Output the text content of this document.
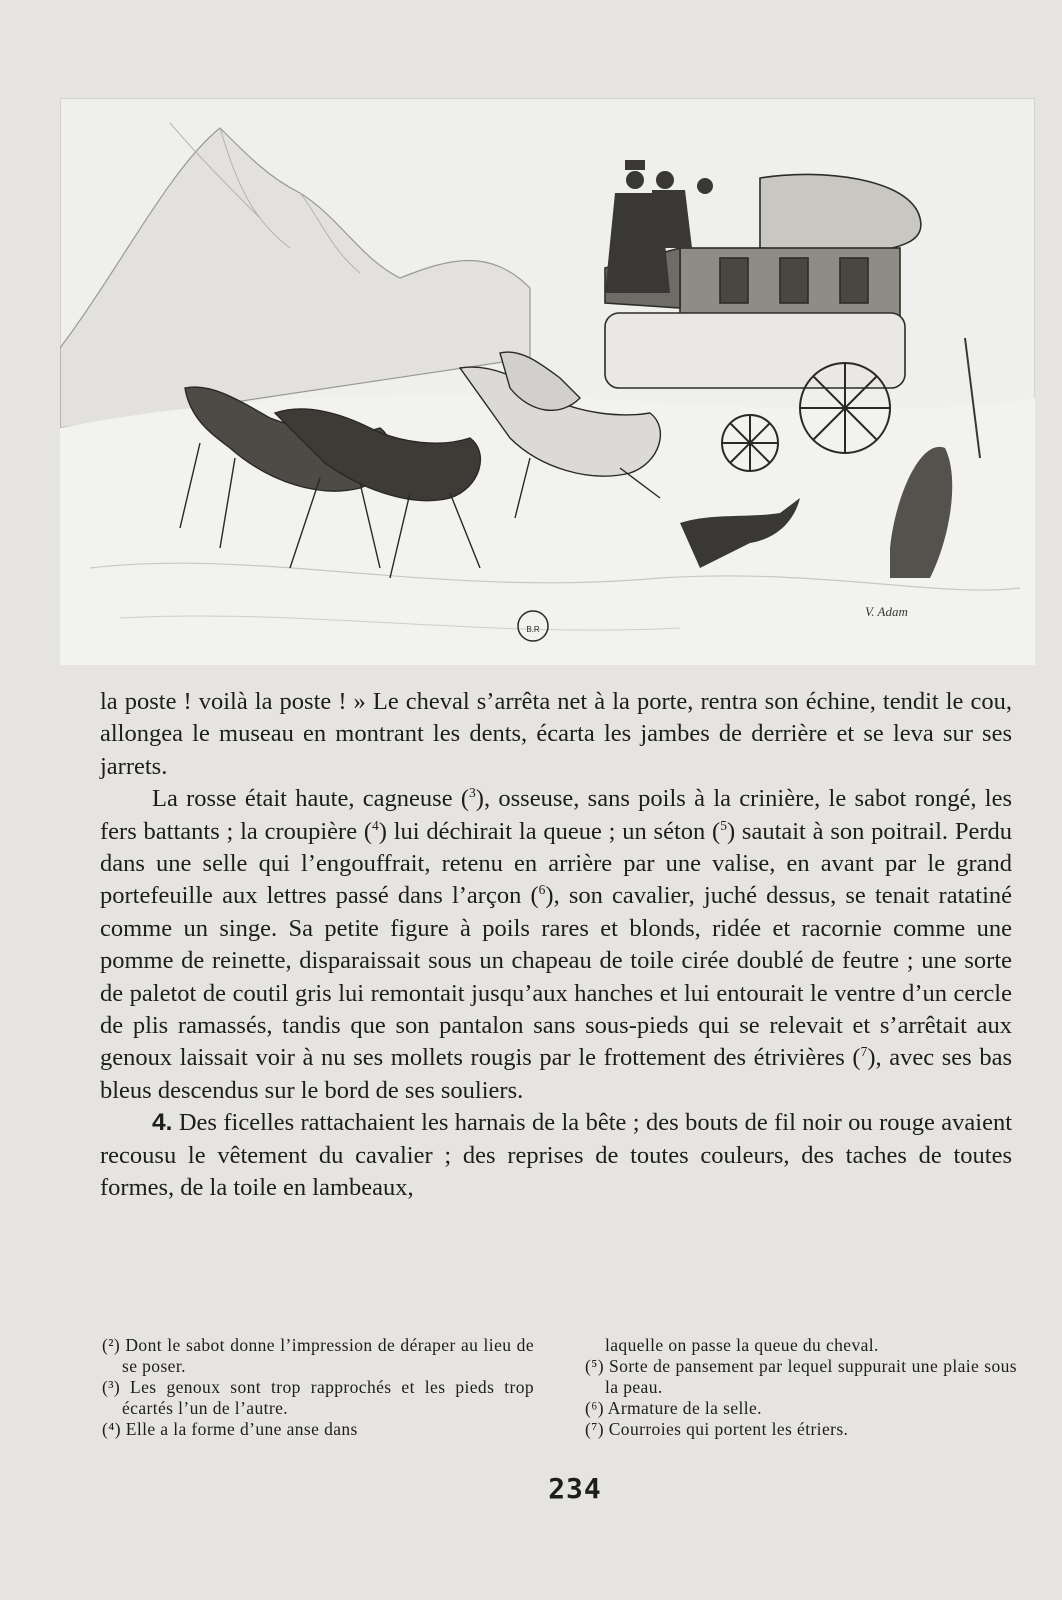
B.R
V. Adam

la poste ! voilà la poste ! » Le cheval s’arrêta net à la porte, rentra son échine, tendit le cou, allongea le museau en montrant les dents, écarta les jambes de derrière et se leva sur ses jarrets.

La rosse était haute, cagneuse ($^3$), osseuse, sans poils à la crinière, le sabot rongé, les fers battants ; la croupière ($^4$) lui déchirait la queue ; un séton ($^5$) sautait à son poitrail. Perdu dans une selle qui l’engouffrait, retenu en arrière par une valise, en avant par le grand portefeuille aux lettres passé dans l’arçon ($^6$), son cavalier, juché dessus, se tenait ratatiné comme un singe. Sa petite figure à poils rares et blonds, ridée et racornie comme une pomme de reinette, disparaissait sous un chapeau de toile cirée doublé de feutre ; une sorte de paletot de coutil gris lui remontait jusqu’aux hanches et lui entourait le ventre d’un cercle de plis ramassés, tandis que son pantalon sans sous-pieds qui se relevait et s’arrêtait aux genoux laissait voir à nu ses mollets rougis par le frottement des étrivières ($^7$), avec ses bas bleus descendus sur le bord de ses souliers.

4. Des ficelles rattachaient les harnais de la bête ; des bouts de fil noir ou rouge avaient recousu le vêtement du cavalier ; des reprises de toutes couleurs, des taches de toutes formes, de la toile en lambeaux,

(²) Dont le sabot donne l’impression de déraper au lieu de se poser.

(³) Les genoux sont trop rapprochés et les pieds trop écartés l’un de l’autre.

(⁴) Elle a la forme d’une anse dans

laquelle on passe la queue du cheval.

(⁵) Sorte de pansement par lequel suppurait une plaie sous la peau.

(⁶) Armature de la selle.

(⁷) Courroies qui portent les étriers.

234
